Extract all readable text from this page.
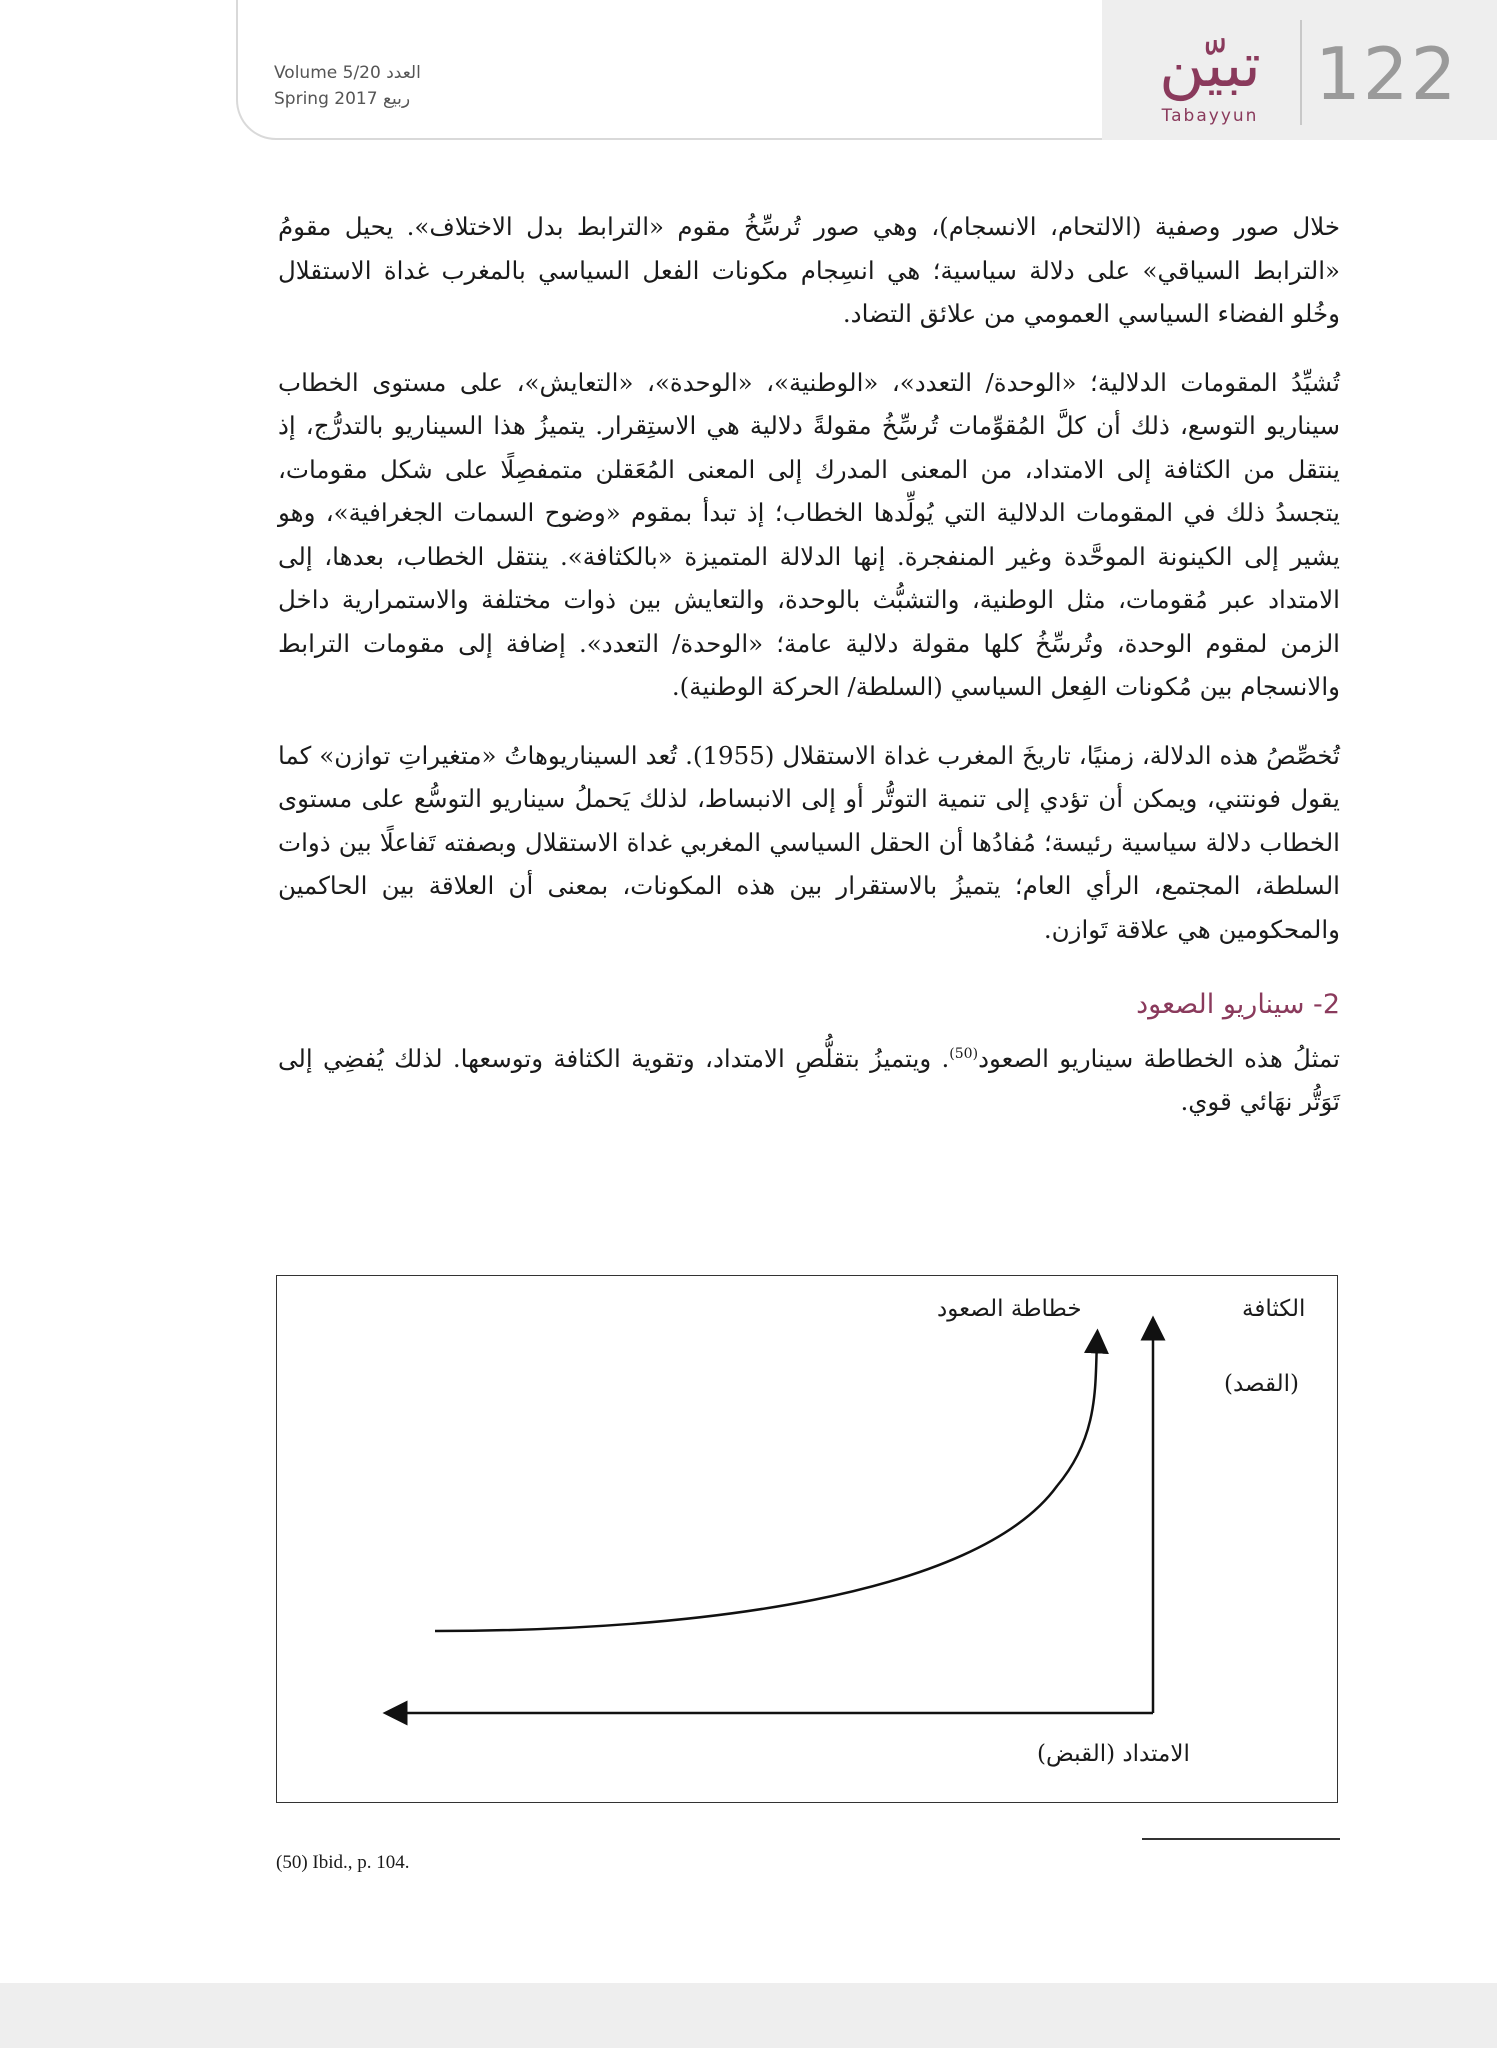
Volume 5/20 العدد
Spring 2017 ربيع	تبيّن
Tabayyun 122

خلال صور وصفية (الالتحام، الانسجام)، وهي صور تُرسِّخُ مقوم «الترابط بدل الاختلاف». يحيل مقومُ «الترابط السياقي» على دلالة سياسية؛ هي انسِجام مكونات الفعل السياسي بالمغرب غداة الاستقلال وخُلو الفضاء السياسي العمومي من علائق التضاد.

تُشيِّدُ المقومات الدلالية؛ «الوحدة/ التعدد»، «الوطنية»، «الوحدة»، «التعايش»، على مستوى الخطاب سيناريو التوسع، ذلك أن كلَّ المُقوِّمات تُرسِّخُ مقولةً دلالية هي الاستِقرار. يتميزُ هذا السيناريو بالتدرُّج، إذ ينتقل من الكثافة إلى الامتداد، من المعنى المدرك إلى المعنى المُعَقلن متمفصِلًا على شكل مقومات، يتجسدُ ذلك في المقومات الدلالية التي يُولِّدها الخطاب؛ إذ تبدأ بمقوم «وضوح السمات الجغرافية»، وهو يشير إلى الكينونة الموحَّدة وغير المنفجرة. إنها الدلالة المتميزة «بالكثافة». ينتقل الخطاب، بعدها، إلى الامتداد عبر مُقومات، مثل الوطنية، والتشبُّث بالوحدة، والتعايش بين ذوات مختلفة والاستمرارية داخل الزمن لمقوم الوحدة، وتُرسِّخُ كلها مقولة دلالية عامة؛ «الوحدة/ التعدد». إضافة إلى مقومات الترابط والانسجام بين مُكونات الفِعل السياسي (السلطة/ الحركة الوطنية).

تُخصِّصُ هذه الدلالة، زمنيًا، تاريخَ المغرب غداة الاستقلال (1955). تُعد السيناريوهاتُ «متغيراتِ توازن» كما يقول فونتني، ويمكن أن تؤدي إلى تنمية التوتُّر أو إلى الانبساط، لذلك يَحملُ سيناريو التوسُّع على مستوى الخطاب دلالة سياسية رئيسة؛ مُفادُها أن الحقل السياسي المغربي غداة الاستقلال وبصفته تَفاعلًا بين ذوات السلطة، المجتمع، الرأي العام؛ يتميزُ بالاستقرار بين هذه المكونات، بمعنى أن العلاقة بين الحاكمين والمحكومين هي علاقة تَوازن.

2- سيناريو الصعود

تمثلُ هذه الخطاطة سيناريو الصعود$^{(50)}$. ويتميزُ بتقلُّصِ الامتداد، وتقوية الكثافة وتوسعها. لذلك يُفضِي إلى تَوَتُّر نهَائي قوي.

خطاطة الصعود	الكثافة
(القصد)
الامتداد (القبض)
(50) Ibid., p. 104.
